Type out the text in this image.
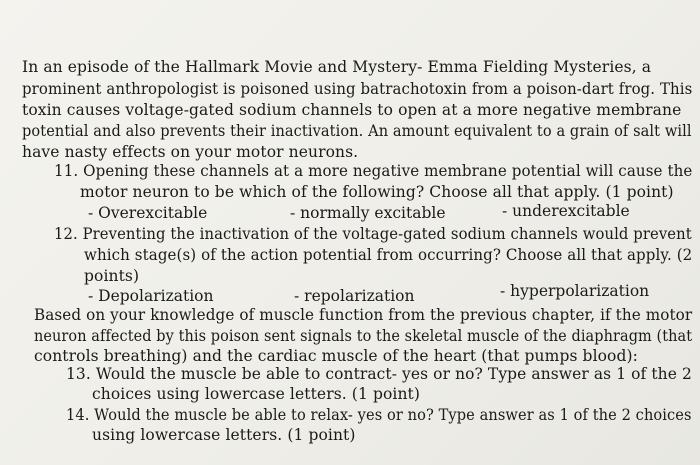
In an episode of the Hallmark Movie and Mystery- Emma Fielding Mysteries, a
prominent anthropologist is poisoned using batrachotoxin from a poison-dart frog. This
toxin causes voltage-gated sodium channels to open at a more negative membrane
potential and also prevents their inactivation. An amount equivalent to a grain of salt will
have nasty effects on your motor neurons.
11. Opening these channels at a more negative membrane potential will cause the
motor neuron to be which of the following? Choose all that apply. (1 point)
- Overexcitable	- normally excitable	- underexcitable
12. Preventing the inactivation of the voltage-gated sodium channels would prevent
which stage(s) of the action potential from occurring? Choose all that apply. (2
points)
- Depolarization	- repolarization	- hyperpolarization
Based on your knowledge of muscle function from the previous chapter, if the motor
neuron affected by this poison sent signals to the skeletal muscle of the diaphragm (that
controls breathing) and the cardiac muscle of the heart (that pumps blood):
13. Would the muscle be able to contract- yes or no? Type answer as 1 of the 2
choices using lowercase letters. (1 point)
14. Would the muscle be able to relax- yes or no? Type answer as 1 of the 2 choices
using lowercase letters. (1 point)
